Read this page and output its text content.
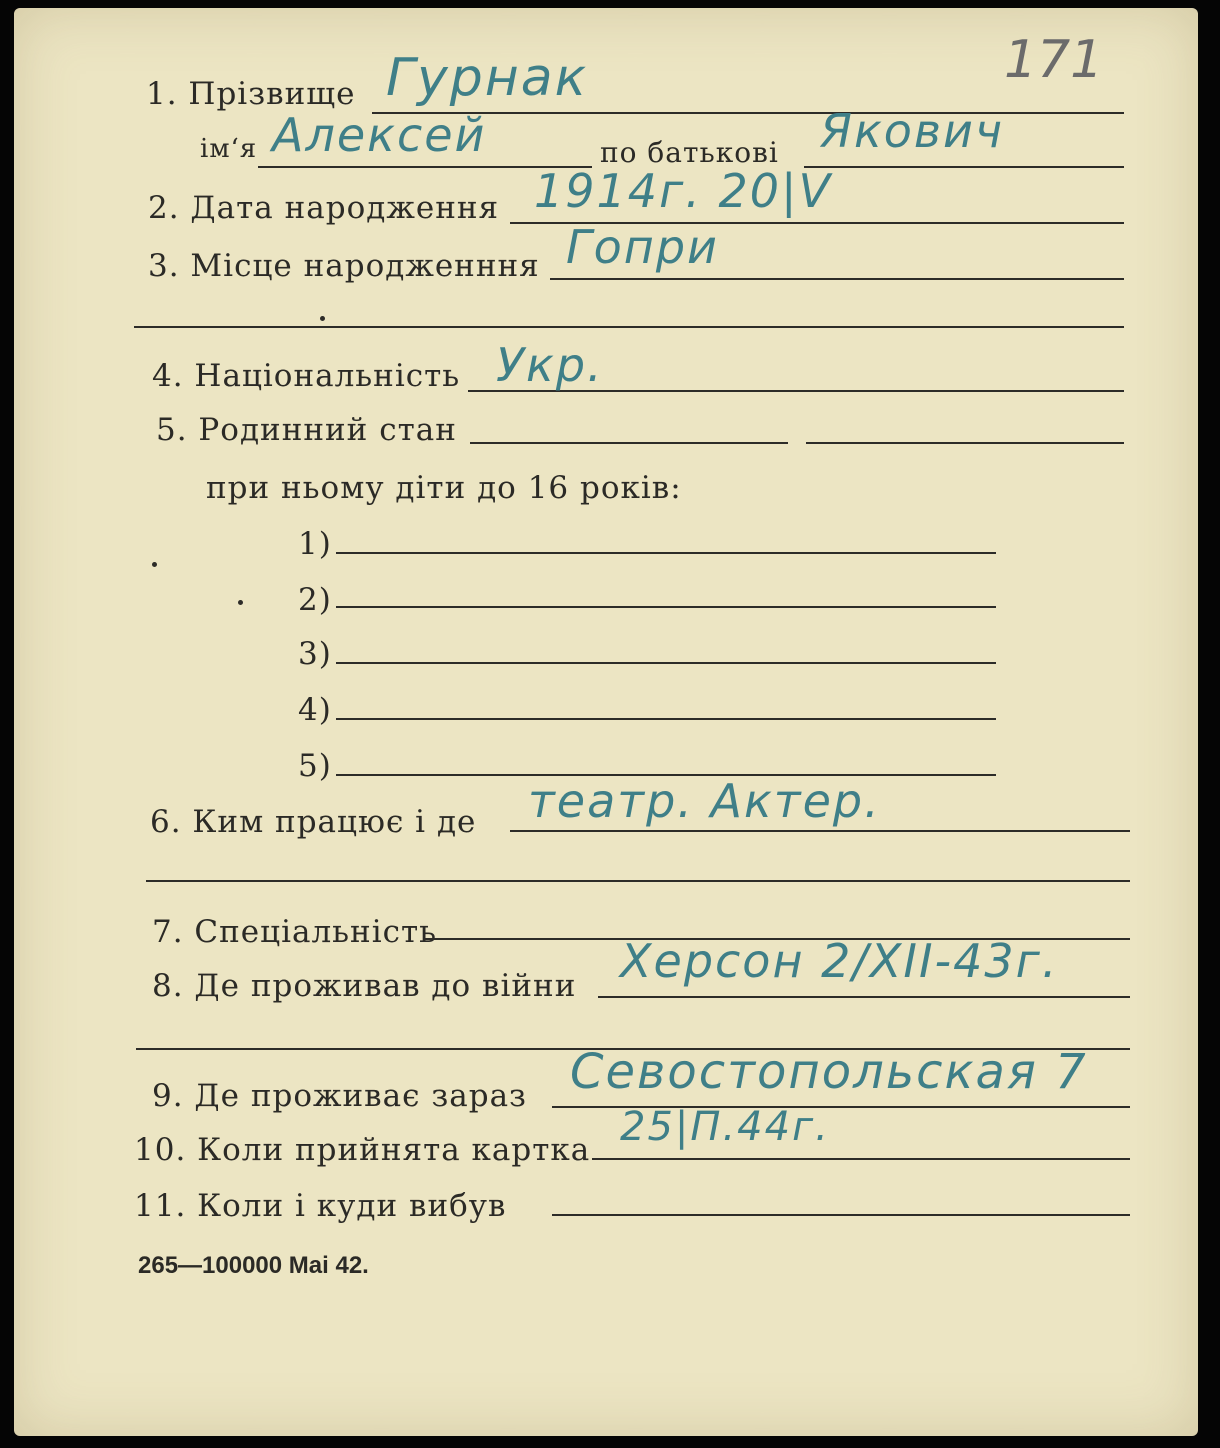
171
1. Прізвище Гурнак
ім‘я Алексей	по батькові Якович
2. Дата народження 1914г. 20|V
3. Місце народженння Гопри
4. Націoнальність Укр.
5. Родинний стан
при ньому діти до 16 років:
1)
2)
3)
4)
5)
6. Ким працює і де театр. Актер.
7. Спеціальність
8. Де проживав до війни Херсон 2/XII-43г.
9. Де проживає зараз Севостопольская 7
10. Коли прийнята картка 25|П.44г.
11. Коли і куди вибув
265—100000 Mai 42.
